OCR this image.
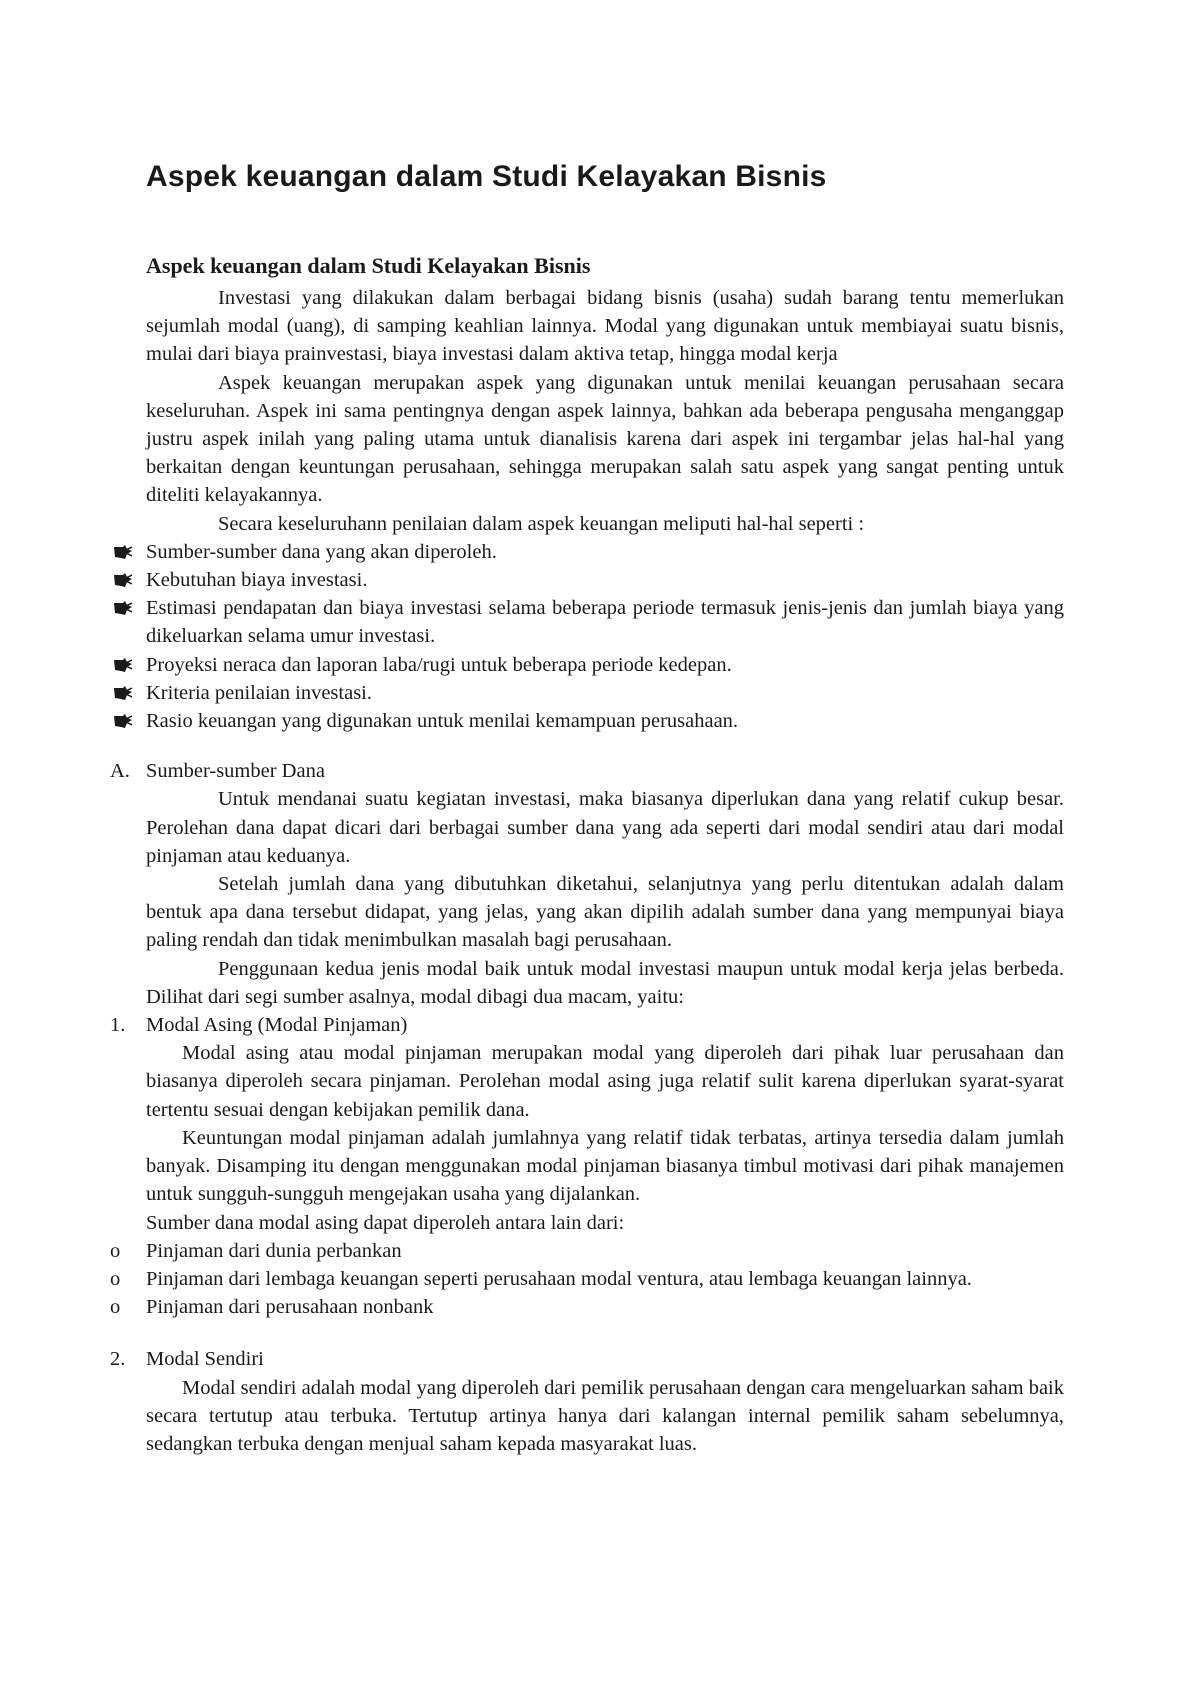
Aspek keuangan dalam Studi Kelayakan Bisnis
Aspek keuangan dalam Studi Kelayakan Bisnis

Investasi yang dilakukan dalam berbagai bidang bisnis (usaha) sudah barang tentu memerlukan sejumlah modal (uang), di samping keahlian lainnya. Modal yang digunakan untuk membiayai suatu bisnis, mulai dari biaya prainvestasi, biaya investasi dalam aktiva tetap, hingga modal kerja

Aspek keuangan merupakan aspek yang digunakan untuk menilai keuangan perusahaan secara keseluruhan. Aspek ini sama pentingnya dengan aspek lainnya, bahkan ada beberapa pengusaha menganggap justru aspek inilah yang paling utama untuk dianalisis karena dari aspek ini tergambar jelas hal-hal yang berkaitan dengan keuntungan perusahaan, sehingga merupakan salah satu aspek yang sangat penting untuk diteliti kelayakannya.

Secara keseluruhann penilaian dalam aspek keuangan meliputi hal-hal seperti :

Sumber-sumber dana yang akan diperoleh.
Kebutuhan biaya investasi.
Estimasi pendapatan dan biaya investasi selama beberapa periode termasuk jenis-jenis dan jumlah biaya yang dikeluarkan selama umur investasi.
Proyeksi neraca dan laporan laba/rugi untuk beberapa periode kedepan.
Kriteria penilaian investasi.
Rasio keuangan yang digunakan untuk menilai kemampuan perusahaan.
A. Sumber-sumber Dana

Untuk mendanai suatu kegiatan investasi, maka biasanya diperlukan dana yang relatif cukup besar. Perolehan dana dapat dicari dari berbagai sumber dana yang ada seperti dari modal sendiri atau dari modal pinjaman atau keduanya.

Setelah jumlah dana yang dibutuhkan diketahui, selanjutnya yang perlu ditentukan adalah dalam bentuk apa dana tersebut didapat, yang jelas, yang akan dipilih adalah sumber dana yang mempunyai biaya paling rendah dan tidak menimbulkan masalah bagi perusahaan.

Penggunaan kedua jenis modal baik untuk modal investasi maupun untuk modal kerja jelas berbeda. Dilihat dari segi sumber asalnya, modal dibagi dua macam, yaitu:

1. Modal Asing (Modal Pinjaman)

Modal asing atau modal pinjaman merupakan modal yang diperoleh dari pihak luar perusahaan dan biasanya diperoleh secara pinjaman. Perolehan modal asing juga relatif sulit karena diperlukan syarat-syarat tertentu sesuai dengan kebijakan pemilik dana.

Keuntungan modal pinjaman adalah jumlahnya yang relatif tidak terbatas, artinya tersedia dalam jumlah banyak. Disamping itu dengan menggunakan modal pinjaman biasanya timbul motivasi dari pihak manajemen untuk sungguh-sungguh mengejakan usaha yang dijalankan.

Sumber dana modal asing dapat diperoleh antara lain dari:

o Pinjaman dari dunia perbankan
o Pinjaman dari lembaga keuangan seperti perusahaan modal ventura, atau lembaga keuangan lainnya.
o Pinjaman dari perusahaan nonbank
2. Modal Sendiri

Modal sendiri adalah modal yang diperoleh dari pemilik perusahaan dengan cara mengeluarkan saham baik secara tertutup atau terbuka. Tertutup artinya hanya dari kalangan internal pemilik saham sebelumnya, sedangkan terbuka dengan menjual saham kepada masyarakat luas.
